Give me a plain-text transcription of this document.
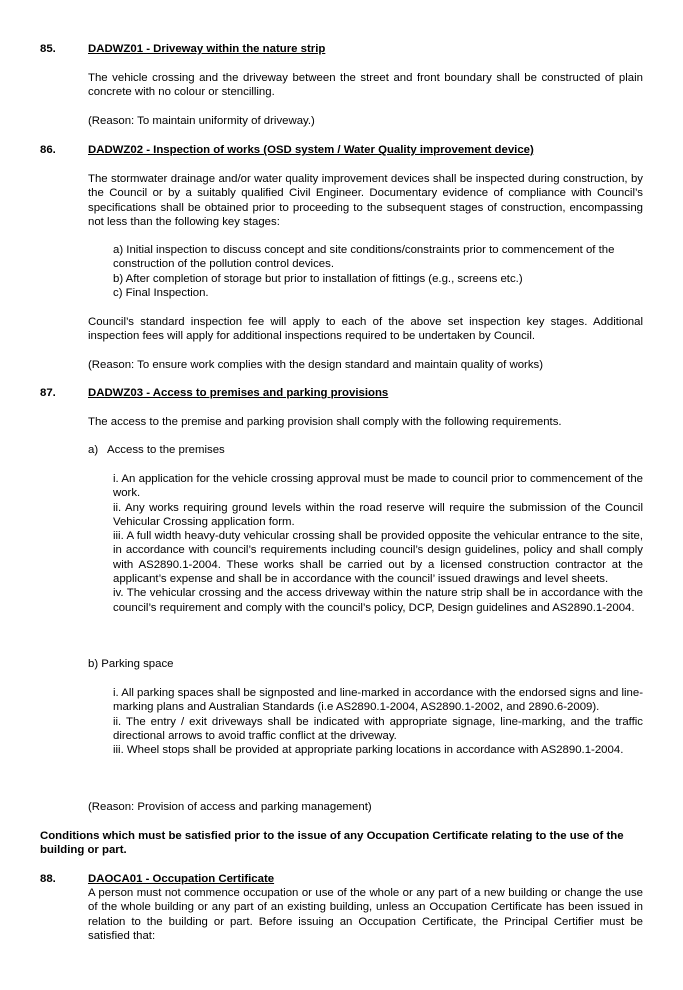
85.	DADWZ01 - Driveway within the nature strip
The vehicle crossing and the driveway between the street and front boundary shall be constructed of plain concrete with no colour or stencilling.
(Reason: To maintain uniformity of driveway.)
86.	DADWZ02 - Inspection of works (OSD system / Water Quality improvement device)
The stormwater drainage and/or water quality improvement devices shall be inspected during construction, by the Council or by a suitably qualified Civil Engineer. Documentary evidence of compliance with Council’s specifications shall be obtained prior to proceeding to the subsequent stages of construction, encompassing not less than the following key stages:
a) Initial inspection to discuss concept and site conditions/constraints prior to commencement of the construction of the pollution control devices.
b) After completion of storage but prior to installation of fittings (e.g., screens etc.)
c) Final Inspection.
Council’s standard inspection fee will apply to each of the above set inspection key stages. Additional inspection fees will apply for additional inspections required to be undertaken by Council.
(Reason: To ensure work complies with the design standard and maintain quality of works)
87.	DADWZ03 - Access to premises and parking provisions
The access to the premise and parking provision shall comply with the following requirements.
a)   Access to the premises
i. An application for the vehicle crossing approval must be made to council prior to commencement of the work.
ii. Any works requiring ground levels within the road reserve will require the submission of the Council Vehicular Crossing application form.
iii. A full width heavy-duty vehicular crossing shall be provided opposite the vehicular entrance to the site, in accordance with council’s requirements including council’s design guidelines, policy and shall comply with AS2890.1-2004. These works shall be carried out by a licensed construction contractor at the applicant’s expense and shall be in accordance with the council’ issued drawings and level sheets.
iv. The vehicular crossing and the access driveway within the nature strip shall be in accordance with the council’s requirement and comply with the council’s policy, DCP, Design guidelines and AS2890.1-2004.
b) Parking space
i. All parking spaces shall be signposted and line-marked in accordance with the endorsed signs and line-marking plans and Australian Standards (i.e AS2890.1-2004, AS2890.1-2002, and 2890.6-2009).
ii. The entry / exit driveways shall be indicated with appropriate signage, line-marking, and the traffic directional arrows to avoid traffic conflict at the driveway.
iii. Wheel stops shall be provided at appropriate parking locations in accordance with AS2890.1-2004.
(Reason: Provision of access and parking management)
Conditions which must be satisfied prior to the issue of any Occupation Certificate relating to the use of the building or part.
88.	DAOCA01 - Occupation Certificate
A person must not commence occupation or use of the whole or any part of a new building or change the use of the whole building or any part of an existing building, unless an Occupation Certificate has been issued in relation to the building or part. Before issuing an Occupation Certificate, the Principal Certifier must be satisfied that:
